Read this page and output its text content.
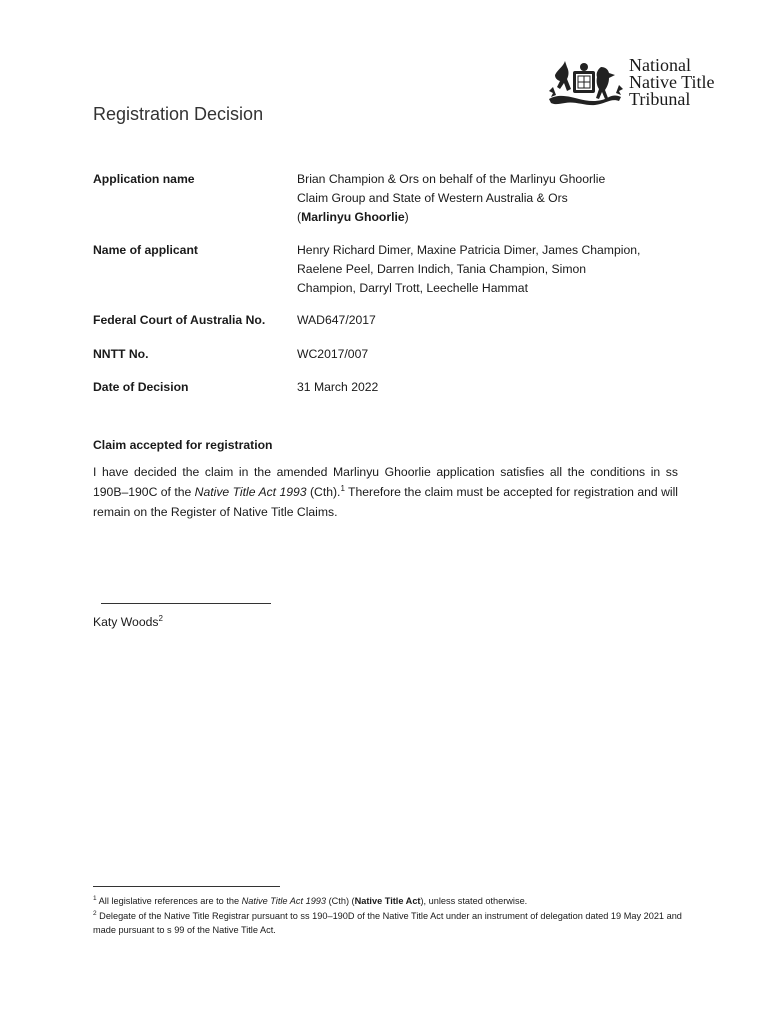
National
Native Title
Tribunal
Registration Decision
Application name	Brian Champion & Ors on behalf of the Marlinyu Ghoorlie
Claim Group and State of Western Australia & Ors
(Marlinyu Ghoorlie)
Name of applicant	Henry Richard Dimer, Maxine Patricia Dimer, James Champion,
Raelene Peel, Darren Indich, Tania Champion, Simon
Champion, Darryl Trott, Leechelle Hammat
Federal Court of Australia No.	WAD647/2017
NNTT No.	WC2017/007
Date of Decision	31 March 2022
Claim accepted for registration

I have decided the claim in the amended Marlinyu Ghoorlie application satisfies all the conditions in ss 190B–190C of the Native Title Act 1993 (Cth).$^1$ Therefore the claim must be accepted for registration and will remain on the Register of Native Title Claims.

Katy Woods$^2$

$^1$ All legislative references are to the Native Title Act 1993 (Cth) (Native Title Act), unless stated otherwise.

$^2$ Delegate of the Native Title Registrar pursuant to ss 190–190D of the Native Title Act under an instrument of delegation dated 19 May 2021 and made pursuant to s 99 of the Native Title Act.
